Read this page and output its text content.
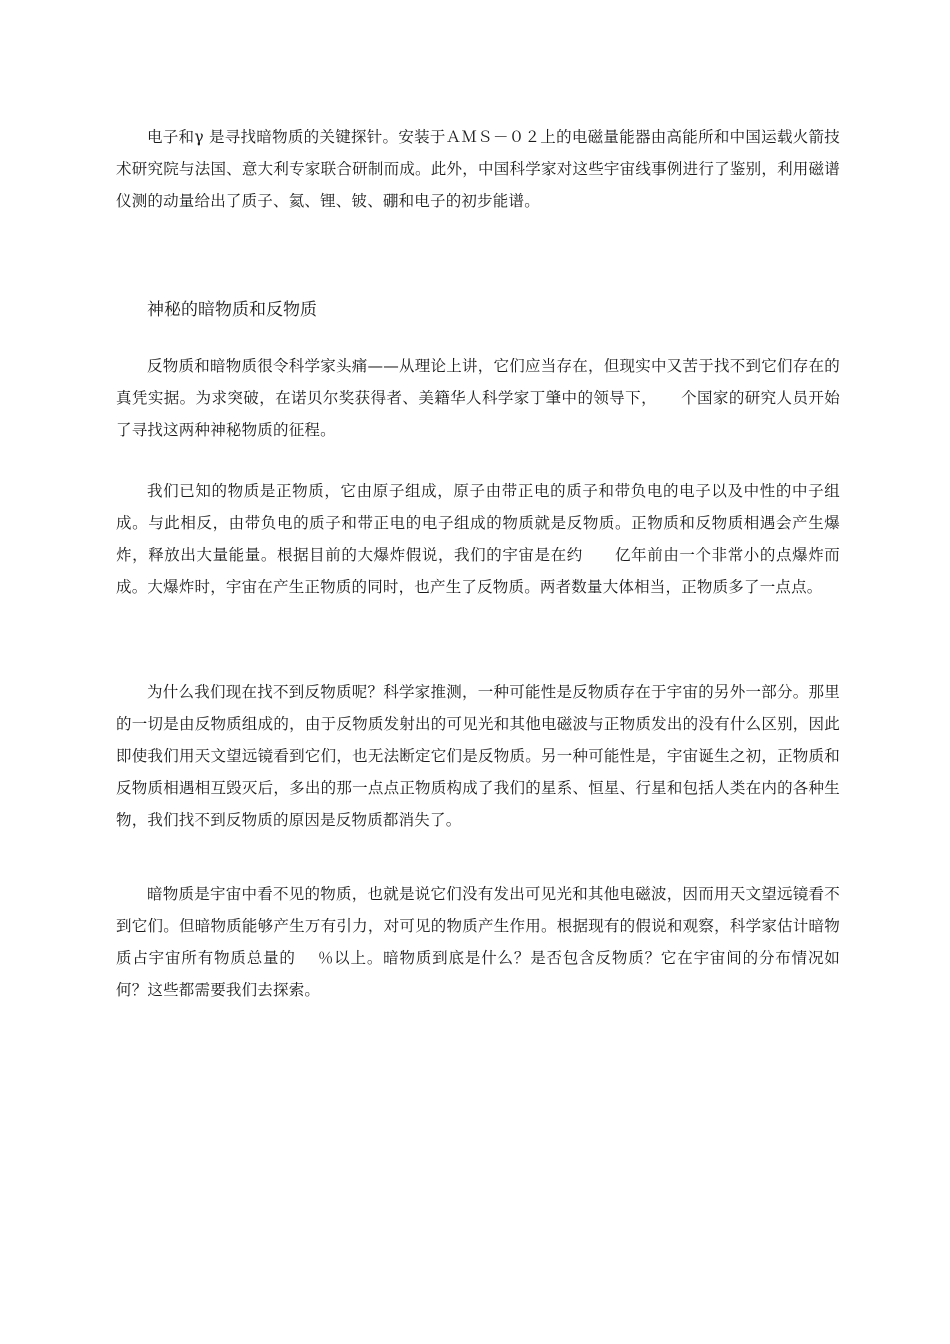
电子和γ 是寻找暗物质的关键探针。安装于ＡＭＳ－０２上的电磁量能器由高能所和中国运载火箭技术研究院与法国、意大利专家联合研制而成。此外，中国科学家对这些宇宙线事例进行了鉴别，利用磁谱仪测的动量给出了质子、氦、锂、铍、硼和电子的初步能谱。

神秘的暗物质和反物质

反物质和暗物质很令科学家头痛——从理论上讲，它们应当存在，但现实中又苦于找不到它们存在的真凭实据。为求突破，在诺贝尔奖获得者、美籍华人科学家丁肇中的领导下，　　个国家的研究人员开始了寻找这两种神秘物质的征程。

我们已知的物质是正物质，它由原子组成，原子由带正电的质子和带负电的电子以及中性的中子组成。与此相反，由带负电的质子和带正电的电子组成的物质就是反物质。正物质和反物质相遇会产生爆炸，释放出大量能量。根据目前的大爆炸假说，我们的宇宙是在约　　亿年前由一个非常小的点爆炸而成。大爆炸时，宇宙在产生正物质的同时，也产生了反物质。两者数量大体相当，正物质多了一点点。

为什么我们现在找不到反物质呢？科学家推测，一种可能性是反物质存在于宇宙的另外一部分。那里的一切是由反物质组成的，由于反物质发射出的可见光和其他电磁波与正物质发出的没有什么区别，因此即使我们用天文望远镜看到它们，也无法断定它们是反物质。另一种可能性是，宇宙诞生之初，正物质和反物质相遇相互毁灭后，多出的那一点点正物质构成了我们的星系、恒星、行星和包括人类在内的各种生物，我们找不到反物质的原因是反物质都消失了。

暗物质是宇宙中看不见的物质，也就是说它们没有发出可见光和其他电磁波，因而用天文望远镜看不到它们。但暗物质能够产生万有引力，对可见的物质产生作用。根据现有的假说和观察，科学家估计暗物质占宇宙所有物质总量的　 ％以上。暗物质到底是什么？是否包含反物质？它在宇宙间的分布情况如何？这些都需要我们去探索。
